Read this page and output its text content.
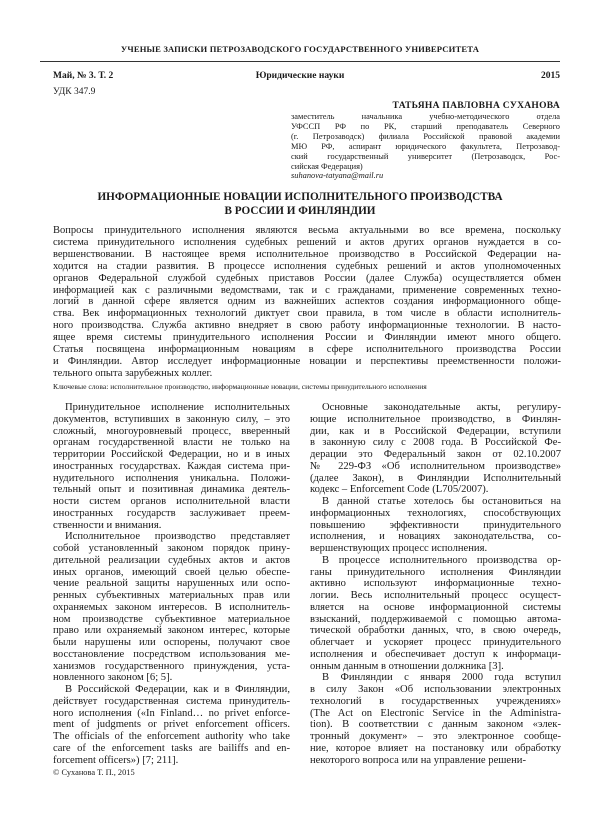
УЧЕНЫЕ ЗАПИСКИ ПЕТРОЗАВОДСКОГО ГОСУДАРСТВЕННОГО УНИВЕРСИТЕТА
Май, № 3. Т. 2	Юридические науки	2015
УДК 347.9
ТАТЬЯНА ПАВЛОВНА СУХАНОВА
заместитель начальника учебно-методического отдела
УФССП РФ по РК, старший преподаватель Северного
(г. Петрозаводск) филиала Российской правовой академии
МЮ РФ, аспирант юридического факультета, Петрозавод-
ский государственный университет (Петрозаводск, Рос-
сийская Федерация)
suhanova-tatyana@mail.ru
ИНФОРМАЦИОННЫЕ НОВАЦИИ ИСПОЛНИТЕЛЬНОГО ПРОИЗВОДСТВА
В РОССИИ И ФИНЛЯНДИИ
Вопросы принудительного исполнения являются весьма актуальными во все времена, поскольку
система принудительного исполнения судебных решений и актов других органов нуждается в со-
вершенствовании. В настоящее время исполнительное производство в Российской Федерации на-
ходится на стадии развития. В процессе исполнения судебных решений и актов уполномоченных
органов Федеральной службой судебных приставов России (далее Служба) осуществляется обмен
информацией как с различными ведомствами, так и с гражданами, применение современных техно-
логий в данной сфере является одним из важнейших аспектов создания информационного обще-
ства. Век информационных технологий диктует свои правила, в том числе в области исполнитель-
ного производства. Служба активно внедряет в свою работу информационные технологии. В насто-
ящее время системы принудительного исполнения России и Финляндии имеют много общего.
Статья посвящена информационным новациям в сфере исполнительного производства России
и Финляндии. Автор исследует информационные новации и перспективы преемственности положи-
тельного опыта зарубежных коллег.
Ключевые слова: исполнительное производство, информационные новации, системы принудительного исполнения
Принудительное исполнение исполнительных
документов, вступивших в законную силу, – это
сложный, многоуровневый процесс, вверенный
органам государственной власти не только на
территории Российской Федерации, но и в иных
иностранных государствах. Каждая система при-
нудительного исполнения уникальна. Положи-
тельный опыт и позитивная динамика деятель-
ности систем органов исполнительной власти
иностранных государств заслуживает преем-
ственности и внимания.
Исполнительное производство представляет
собой установленный законом порядок прину-
дительной реализации судебных актов и актов
иных органов, имеющий своей целью обеспе-
чение реальной защиты нарушенных или оспо-
ренных субъективных материальных прав или
охраняемых законом интересов. В исполнитель-
ном производстве субъективное материальное
право или охраняемый законом интерес, которые
были нарушены или оспорены, получают свое
восстановление посредством использования ме-
ханизмов государственного принуждения, уста-
новленного законом [6; 5].
В Российской Федерации, как и в Финляндии,
действует государственная система принудитель-
ного исполнения («In Finland… no privet enforce-
ment of judgments or privet enforcement officers.
The officials of the enforcement authority who take
care of the enforcement tasks are bailiffs and en-
forcement officers») [7; 211].
Основные законодательные акты, регулиру-
ющие исполнительное производство, в Финлян-
дии, как и в Российской Федерации, вступили
в законную силу с 2008 года. В Российской Фе-
дерации это Федеральный закон от 02.10.2007
№ 229-ФЗ «Об исполнительном производстве»
(далее Закон), в Финляндии Исполнительный
кодекс – Enforcement Code (L705/2007).
В данной статье хотелось бы остановиться на
информационных технологиях, способствующих
повышению эффективности принудительного
исполнения, и новациях законодательства, со-
вершенствующих процесс исполнения.
В процессе исполнительного производства ор-
ганы принудительного исполнения Финляндии
активно используют информационные техно-
логии. Весь исполнительный процесс осущест-
вляется на основе информационной системы
взысканий, поддерживаемой с помощью автома-
тической обработки данных, что, в свою очередь,
облегчает и ускоряет процесс принудительного
исполнения и обеспечивает доступ к информаци-
онным данным в отношении должника [3].
В Финляндии с января 2000 года вступил
в силу Закон «Об использовании электронных
технологий в государственных учреждениях»
(The Act on Electronic Service in the Administra-
tion). В соответствии с данным законом «элек-
тронный документ» – это электронное сообще-
ние, которое влияет на постановку или обработку
некоторого вопроса или на управление решени-
© Суханова Т. П., 2015
